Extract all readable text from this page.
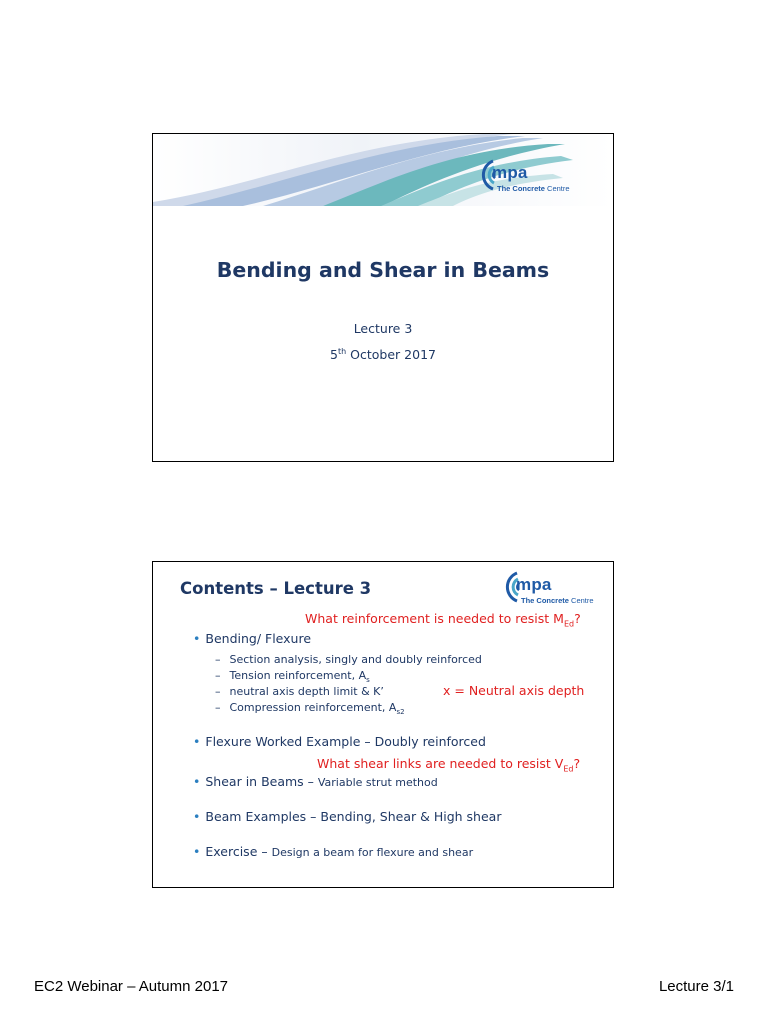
mpa
The Concrete Centre
Bending and Shear in Beams
Lecture 3
5th October 2017
Contents – Lecture 3	mpa
The Concrete Centre
What reinforcement is needed to resist $M_{Ed}$?
• Bending/ Flexure
– Section analysis, singly and doubly reinforced
– Tension reinforcement, $A_s$
– neutral axis depth limit & K’	x = Neutral axis depth
– Compression reinforcement, $A_{s2}$
• Flexure Worked Example – Doubly reinforced
What shear links are needed to resist $V_{Ed}$?
• Shear in Beams – Variable strut method
• Beam Examples – Bending, Shear & High shear
• Exercise – Design a beam for flexure and shear
EC2 Webinar – Autumn 2017	Lecture 3/1
